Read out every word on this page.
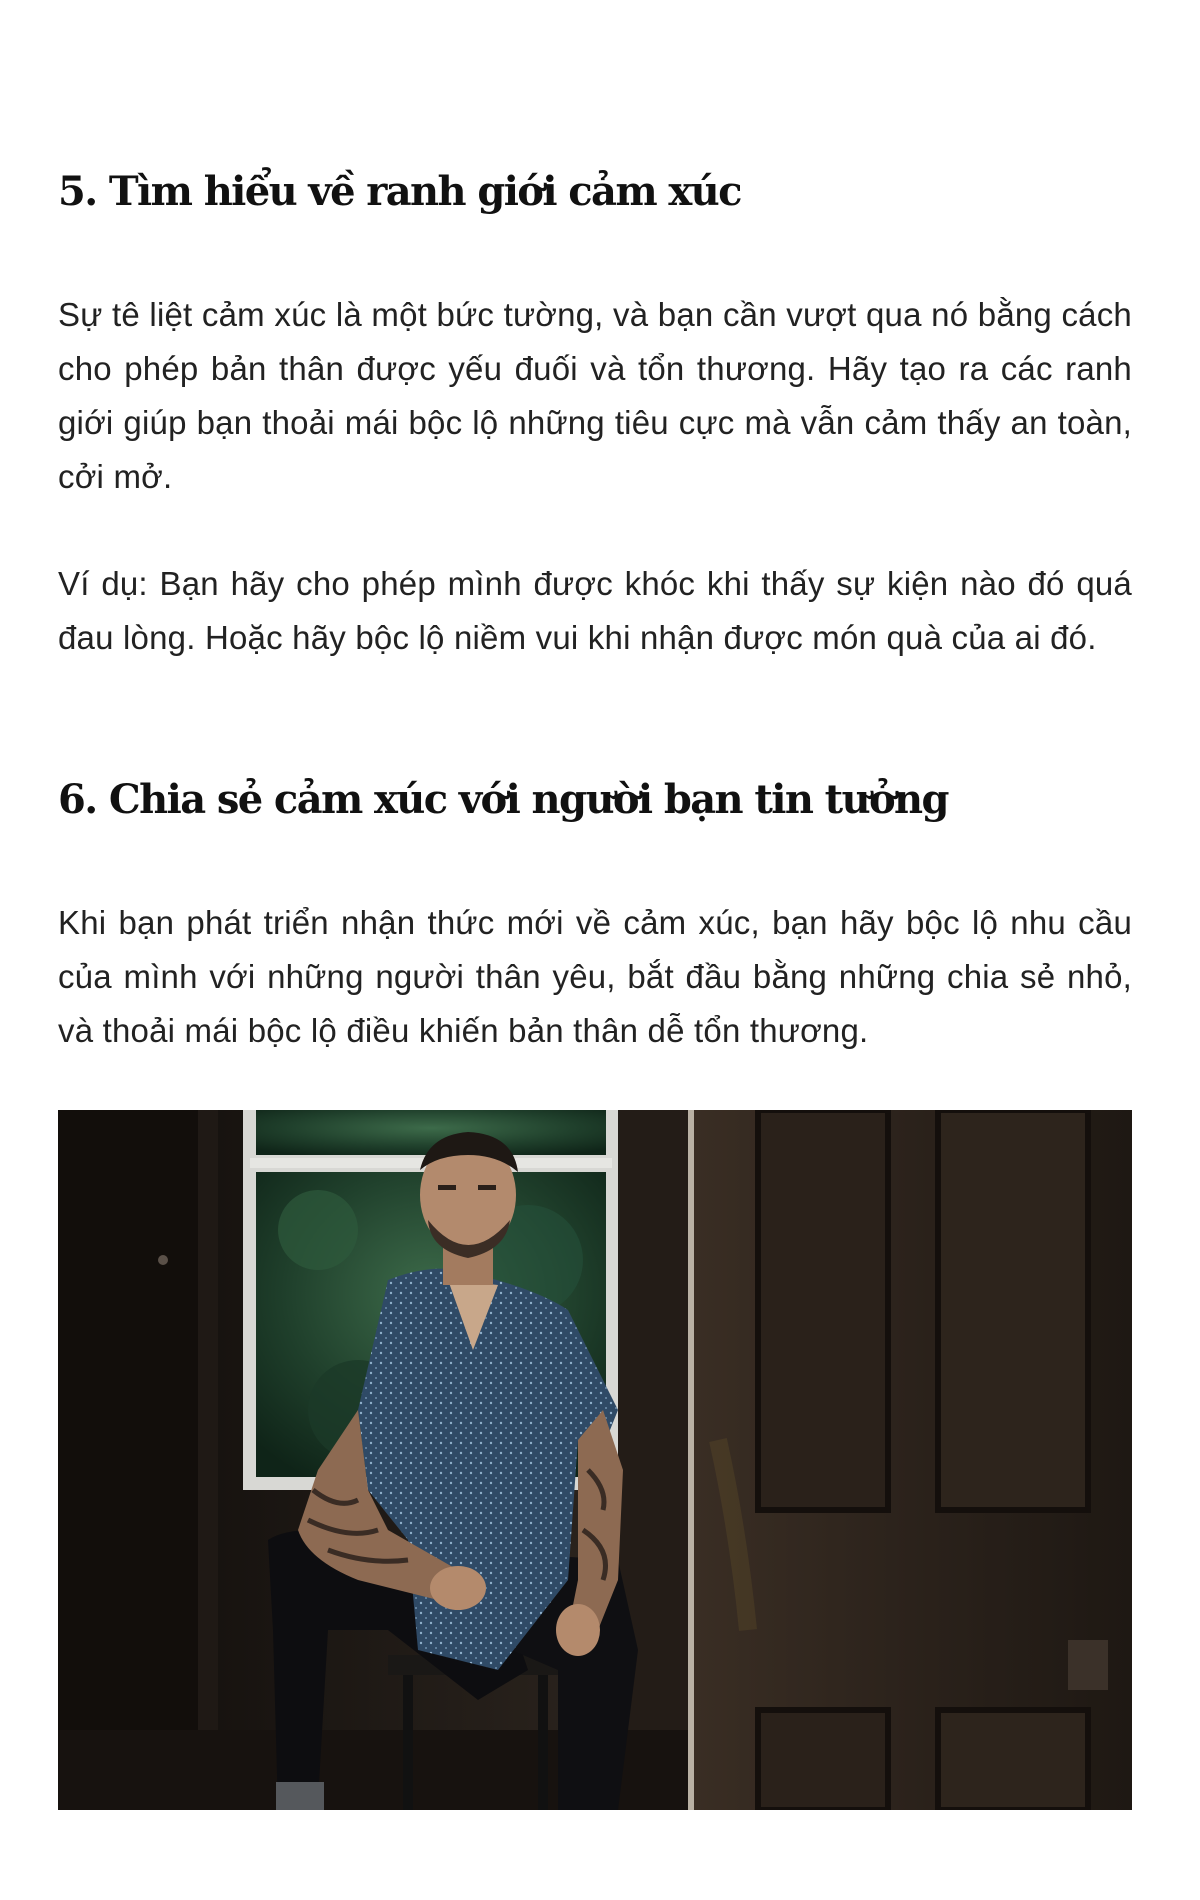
5. Tìm hiểu về ranh giới cảm xúc

Sự tê liệt cảm xúc là một bức tường, và bạn cần vượt qua nó bằng cách cho phép bản thân được yếu đuối và tổn thương. Hãy tạo ra các ranh giới giúp bạn thoải mái bộc lộ những tiêu cực mà vẫn cảm thấy an toàn, cởi mở.

Ví dụ: Bạn hãy cho phép mình được khóc khi thấy sự kiện nào đó quá đau lòng. Hoặc hãy bộc lộ niềm vui khi nhận được món quà của ai đó.

6. Chia sẻ cảm xúc với người bạn tin tưởng

Khi bạn phát triển nhận thức mới về cảm xúc, bạn hãy bộc lộ nhu cầu của mình với những người thân yêu, bắt đầu bằng những chia sẻ nhỏ, và thoải mái bộc lộ điều khiến bản thân dễ tổn thương.
